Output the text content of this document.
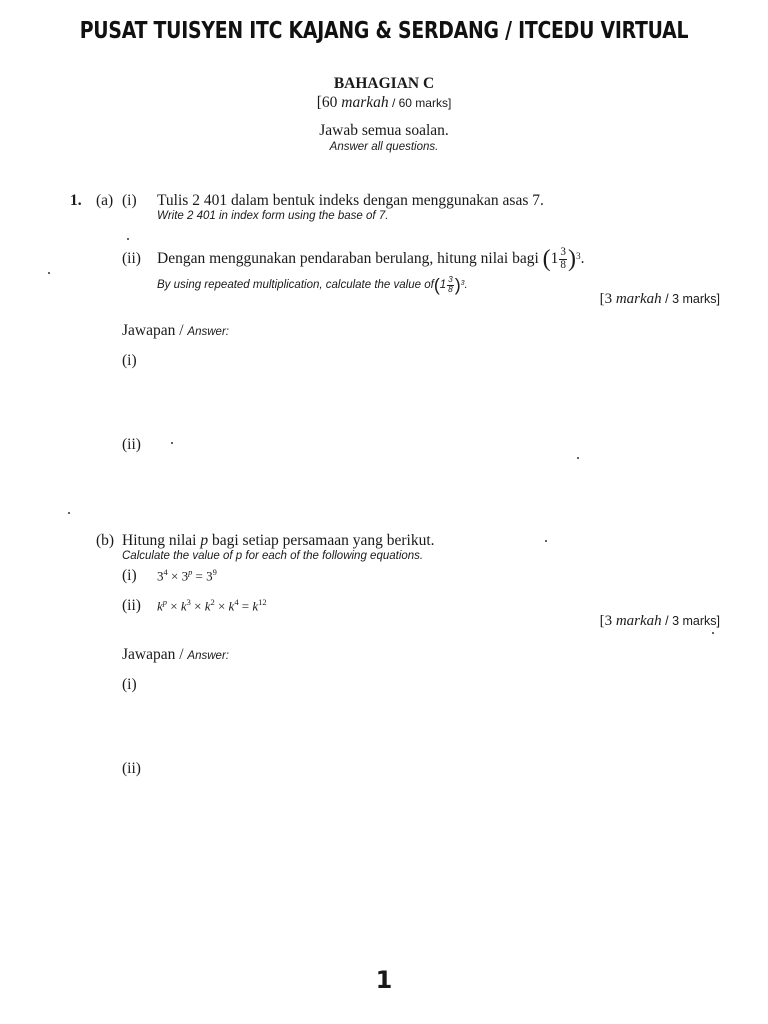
PUSAT TUISYEN ITC KAJANG & SERDANG / ITCEDU VIRTUAL
BAHAGIAN C
[60 markah / 60 marks]
Jawab semua soalan.
Answer all questions.
1. (a) (i) Tulis 2 401 dalam bentuk indeks dengan menggunakan asas 7.
Write 2 401 in index form using the base of 7.
(ii) Dengan menggunakan pendaraban berulang, hitung nilai bagi
( $1 \frac{3}{8}$ ) 3 .
By using repeated multiplication, calculate the value of ( $1 \frac{3}{8}$ ) 3 .
[3 markah / 3 marks]
Jawapan / Answer:
(i)
(ii)
(b) Hitung nilai p bagi setiap persamaan yang berikut.
Calculate the value of p for each of the following equations.
(i) $3^4 \times 3^p = 3^9$
(ii) $k^p \times k^3 \times k^2 \times k^4 = k^{12}$
[3 markah / 3 marks]
Jawapan / Answer:
(i)
(ii)
1
